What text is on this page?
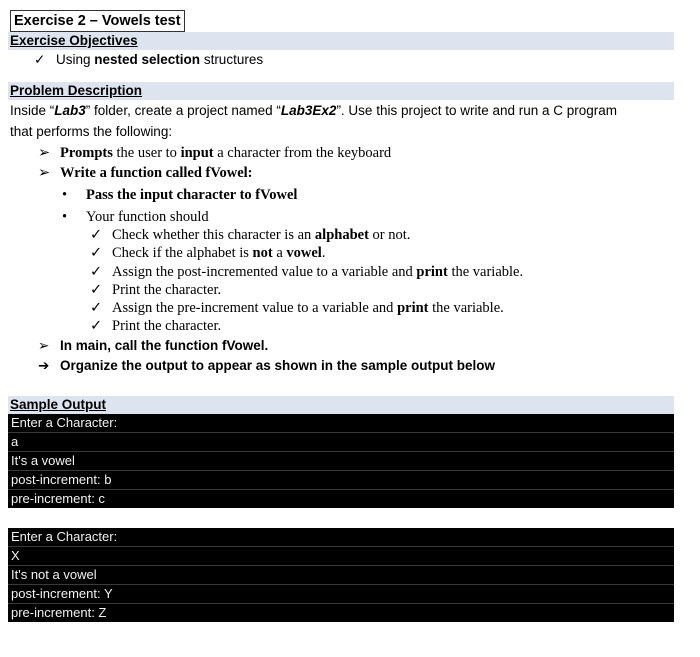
Exercise 2 – Vowels test
Exercise Objectives
✓ Using nested selection structures
Problem Description
Inside “Lab3” folder, create a project named “Lab3Ex2”. Use this project to write and run a C program
that performs the following:
➢ Prompts the user to input a character from the keyboard
➢ Write a function called fVowel:
• Pass the input character to fVowel
• Your function should
✓ Check whether this character is an alphabet or not.
✓ Check if the alphabet is not a vowel.
✓ Assign the post-incremented value to a variable and print the variable.
✓ Print the character.
✓ Assign the pre-increment value to a variable and print the variable.
✓ Print the character.
➢ In main, call the function fVowel.
➔ Organize the output to appear as shown in the sample output below
Sample Output
Enter a Character:
a
It's a vowel
post-increment: b
pre-increment: c
Enter a Character:
X
It's not a vowel
post-increment: Y
pre-increment: Z
